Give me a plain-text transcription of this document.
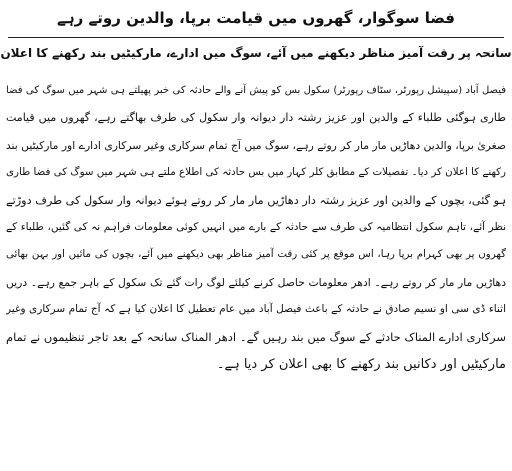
فضا سوگوار، گھروں میں قیامت برپا، والدین روتے رہے
سانحہ پر رقت آمیز مناظر دیکھنے میں آئے، سوگ میں ادارے، مارکیٹیں بند رکھنے کا اعلان
فیصل آباد (سپیشل رپورٹر، سٹاف رپورٹر) سکول بس کو پیش آنے والے حادثہ کی خبر پھیلتے ہی شہر میں سوگ کی فضا
طاری ہوگئی طلباء کے والدین اور عزیز رشتہ دار دیوانہ وار سکول کی طرف بھاگتے رہے، گھروں میں قیامت
صغریٰ برپا، والدین دھاڑیں مار مار کر روتے رہے، سوگ میں آج تمام سرکاری وغیر سرکاری ادارے اور مارکیٹیں بند
رکھنے کا اعلان کر دیا۔ تفصیلات کے مطابق کلر کہار میں بس حادثہ کی اطلاع ملتے ہی شہر میں سوگ کی فضا طاری
ہو گئی، بچوں کے والدین اور عزیز رشتہ دار دھاڑیں مار مار کر روتے ہوئے دیوانہ وار سکول کی طرف دوڑتے
نظر آئے، تاہم سکول انتظامیہ کی طرف سے حادثہ کے بارے میں انہیں کوئی معلومات فراہم نہ کی گئیں، طلباء کے
گھروں پر بھی کہرام برپا رہا، اس موقع پر کئی رقت آمیز مناظر بھی دیکھنے میں آئے، بچوں کی مائیں اور بہن بھائی
دھاڑیں مار مار کر روتے رہے۔ ادھر معلومات حاصل کرنے کیلئے لوگ رات گئے تک سکول کے باہر جمع رہے۔ دریں
اثناء ڈی سی او نسیم صادق نے حادثہ کے باعث فیصل آباد میں عام تعطیل کا اعلان کیا ہے کہ آج تمام سرکاری وغیر
سرکاری ادارے المناک حادثے کے سوگ میں بند رہیں گے۔ ادھر المناک سانحہ کے بعد تاجر تنظیموں نے تمام
مارکیٹیں اور دکانیں بند رکھنے کا بھی اعلان کر دیا ہے۔
